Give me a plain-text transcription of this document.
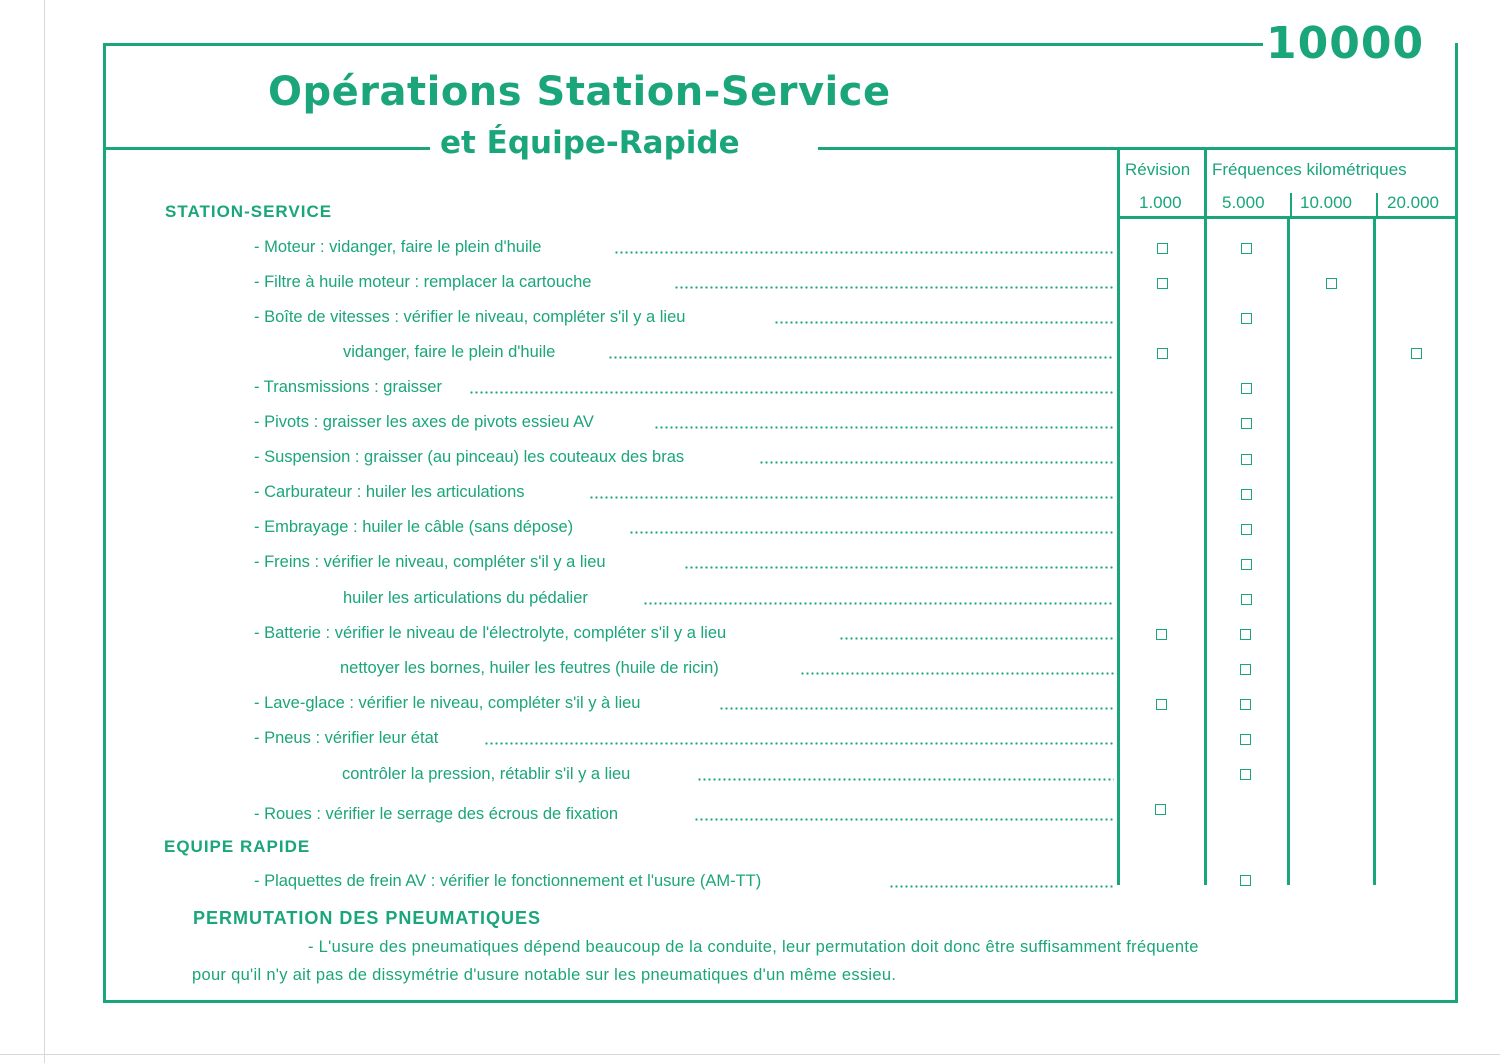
10000
Opérations Station-Service
et Équipe-Rapide
Révision Fréquences kilométriques
1.000 5.000 10.000 20.000
STATION-SERVICE
EQUIPE RAPIDE
- Moteur : vidanger, faire le plein d'huile
- Filtre à huile moteur : remplacer la cartouche
- Boîte de vitesses : vérifier le niveau, compléter s'il y a lieu
vidanger, faire le plein d'huile
- Transmissions : graisser
- Pivots : graisser les axes de pivots essieu AV
- Suspension : graisser (au pinceau) les couteaux des bras
- Carburateur : huiler les articulations
- Embrayage : huiler le câble (sans dépose)
- Freins : vérifier le niveau, compléter s'il y a lieu
huiler les articulations du pédalier
- Batterie : vérifier le niveau de l'électrolyte, compléter s'il y a lieu
nettoyer les bornes, huiler les feutres (huile de ricin)
- Lave-glace : vérifier le niveau, compléter s'il y à lieu
- Pneus : vérifier leur état
contrôler la pression, rétablir s'il y a lieu
- Roues : vérifier le serrage des écrous de fixation
- Plaquettes de frein AV : vérifier le fonctionnement et l'usure (AM-TT)
PERMUTATION DES PNEUMATIQUES
- L'usure des pneumatiques dépend beaucoup de la conduite, leur permutation doit donc être suffisamment fréquente
pour qu'il n'y ait pas de dissymétrie d'usure notable sur les pneumatiques d'un même essieu.
